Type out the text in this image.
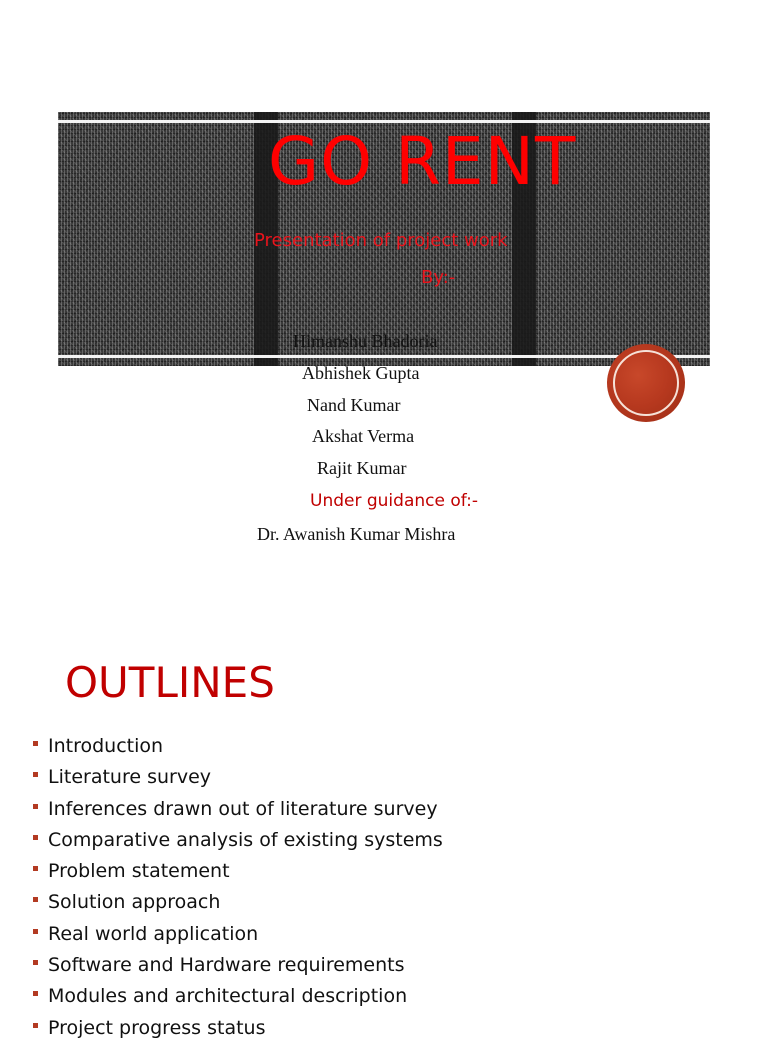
GO RENT
Presentation of project work
By:-
Himanshu Bhadoria
Abhishek Gupta
Nand Kumar
Akshat Verma
Rajit Kumar
Under guidance of:-
Dr. Awanish Kumar Mishra
OUTLINES
Introduction
Literature survey
Inferences drawn out of literature survey
Comparative analysis of existing systems
Problem statement
Solution approach
Real world application
Software and Hardware requirements
Modules and architectural description
Project progress status
